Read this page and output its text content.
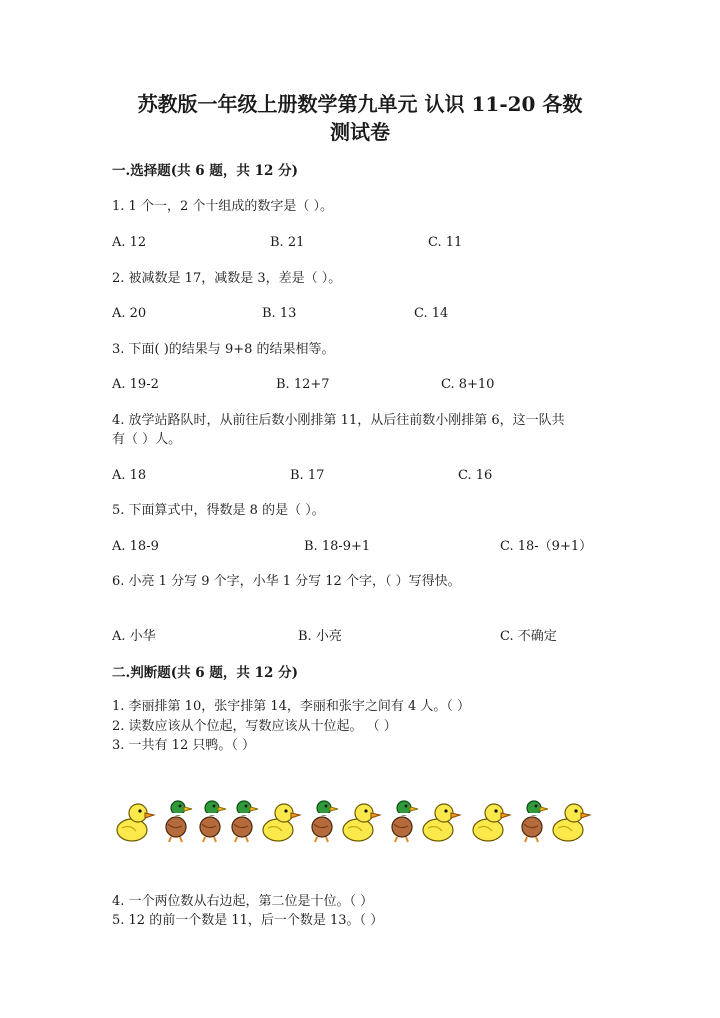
苏教版一年级上册数学第九单元 认识 11-20 各数
测试卷
一.选择题(共 6 题，共 12 分)
1. 1 个一，2 个十组成的数字是（ ）。
A. 12	B. 21	C. 11
2. 被减数是 17，减数是 3，差是（ ）。
A. 20	B. 13	C. 14
3. 下面( )的结果与 9+8 的结果相等。
A. 19-2	B. 12+7	C. 8+10
4. 放学站路队时，从前往后数小刚排第 11，从后往前数小刚排第 6，这一队共
有（ ）人。
A. 18	B. 17	C. 16
5. 下面算式中，得数是 8 的是（ ）。
A. 18-9	B. 18-9+1	C. 18-（9+1）
6. 小亮 1 分写 9 个字，小华 1 分写 12 个字，（ ）写得快。
A. 小华	B. 小亮	C. 不确定
二.判断题(共 6 题，共 12 分)
1. 李丽排第 10，张宇排第 14，李丽和张宇之间有 4 人。（ ）
2. 读数应该从个位起，写数应该从十位起。 （ ）
3. 一共有 12 只鸭。（ ）
4. 一个两位数从右边起，第二位是十位。（ ）
5. 12 的前一个数是 11，后一个数是 13。（ ）
